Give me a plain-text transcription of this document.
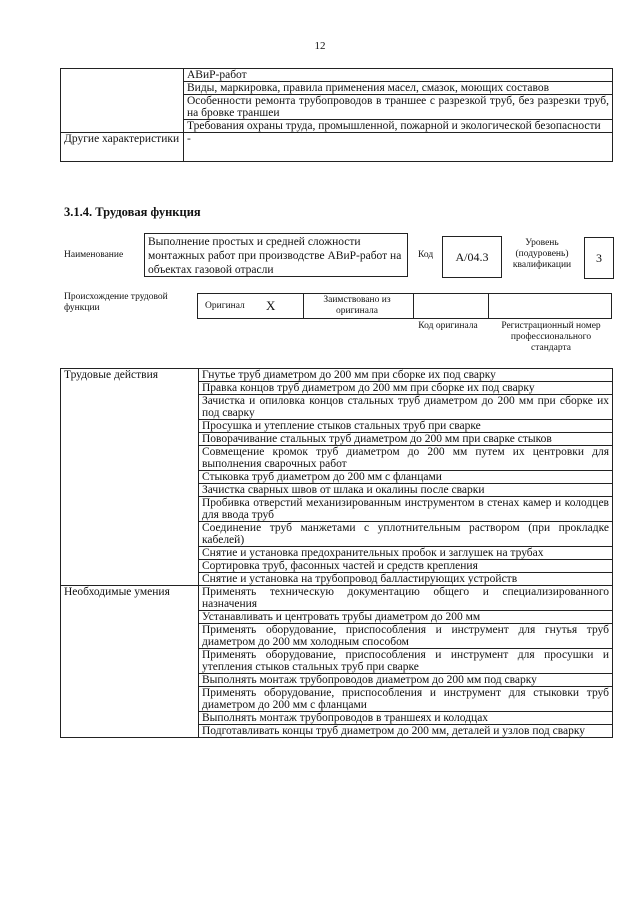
12
	АВиР-работ
	Виды, маркировка, правила применения масел, смазок, моющих составов
	Особенности ремонта трубопроводов в траншее с разрезкой труб, без разрезки труб, на бровке траншеи
	Требования охраны труда, промышленной, пожарной и экологической безопасности
Другие характеристики	-
3.1.4. Трудовая функция
Наименование
Выполнение простых и средней сложности монтажных работ при производстве АВиР-работ на объектах газовой отрасли
Код	А/04.3
Уровень (подуровень) квалификации	3
Происхождение трудовой функции	Оригинал X	Заимствовано из оригинала
Код оригинала	Регистрационный номер профессионального стандарта
Трудовые действия	Гнутье труб диаметром до 200 мм при сборке их под сварку
	Правка концов труб диаметром до 200 мм при сборке их под сварку
	Зачистка и опиловка концов стальных труб диаметром до 200 мм при сборке их под сварку
	Просушка и утепление стыков стальных труб при сварке
	Поворачивание стальных труб диаметром до 200 мм при сварке стыков
	Совмещение кромок труб диаметром до 200 мм путем их центровки для выполнения сварочных работ
	Стыковка труб диаметром до 200 мм с фланцами
	Зачистка сварных швов от шлака и окалины после сварки
	Пробивка отверстий механизированным инструментом в стенах камер и колодцев для ввода труб
	Соединение труб манжетами с уплотнительным раствором (при прокладке кабелей)
	Снятие и установка предохранительных пробок и заглушек на трубах
	Сортировка труб, фасонных частей и средств крепления
	Снятие и установка на трубопровод балластирующих устройств
Необходимые умения	Применять техническую документацию общего и специализированного назначения
	Устанавливать и центровать трубы диаметром до 200 мм
	Применять оборудование, приспособления и инструмент для гнутья труб диаметром до 200 мм холодным способом
	Применять оборудование, приспособления и инструмент для просушки и утепления стыков стальных труб при сварке
	Выполнять монтаж трубопроводов диаметром до 200 мм под сварку
	Применять оборудование, приспособления и инструмент для стыковки труб диаметром до 200 мм с фланцами
	Выполнять монтаж трубопроводов в траншеях и колодцах
	Подготавливать концы труб диаметром до 200 мм, деталей и узлов под сварку
